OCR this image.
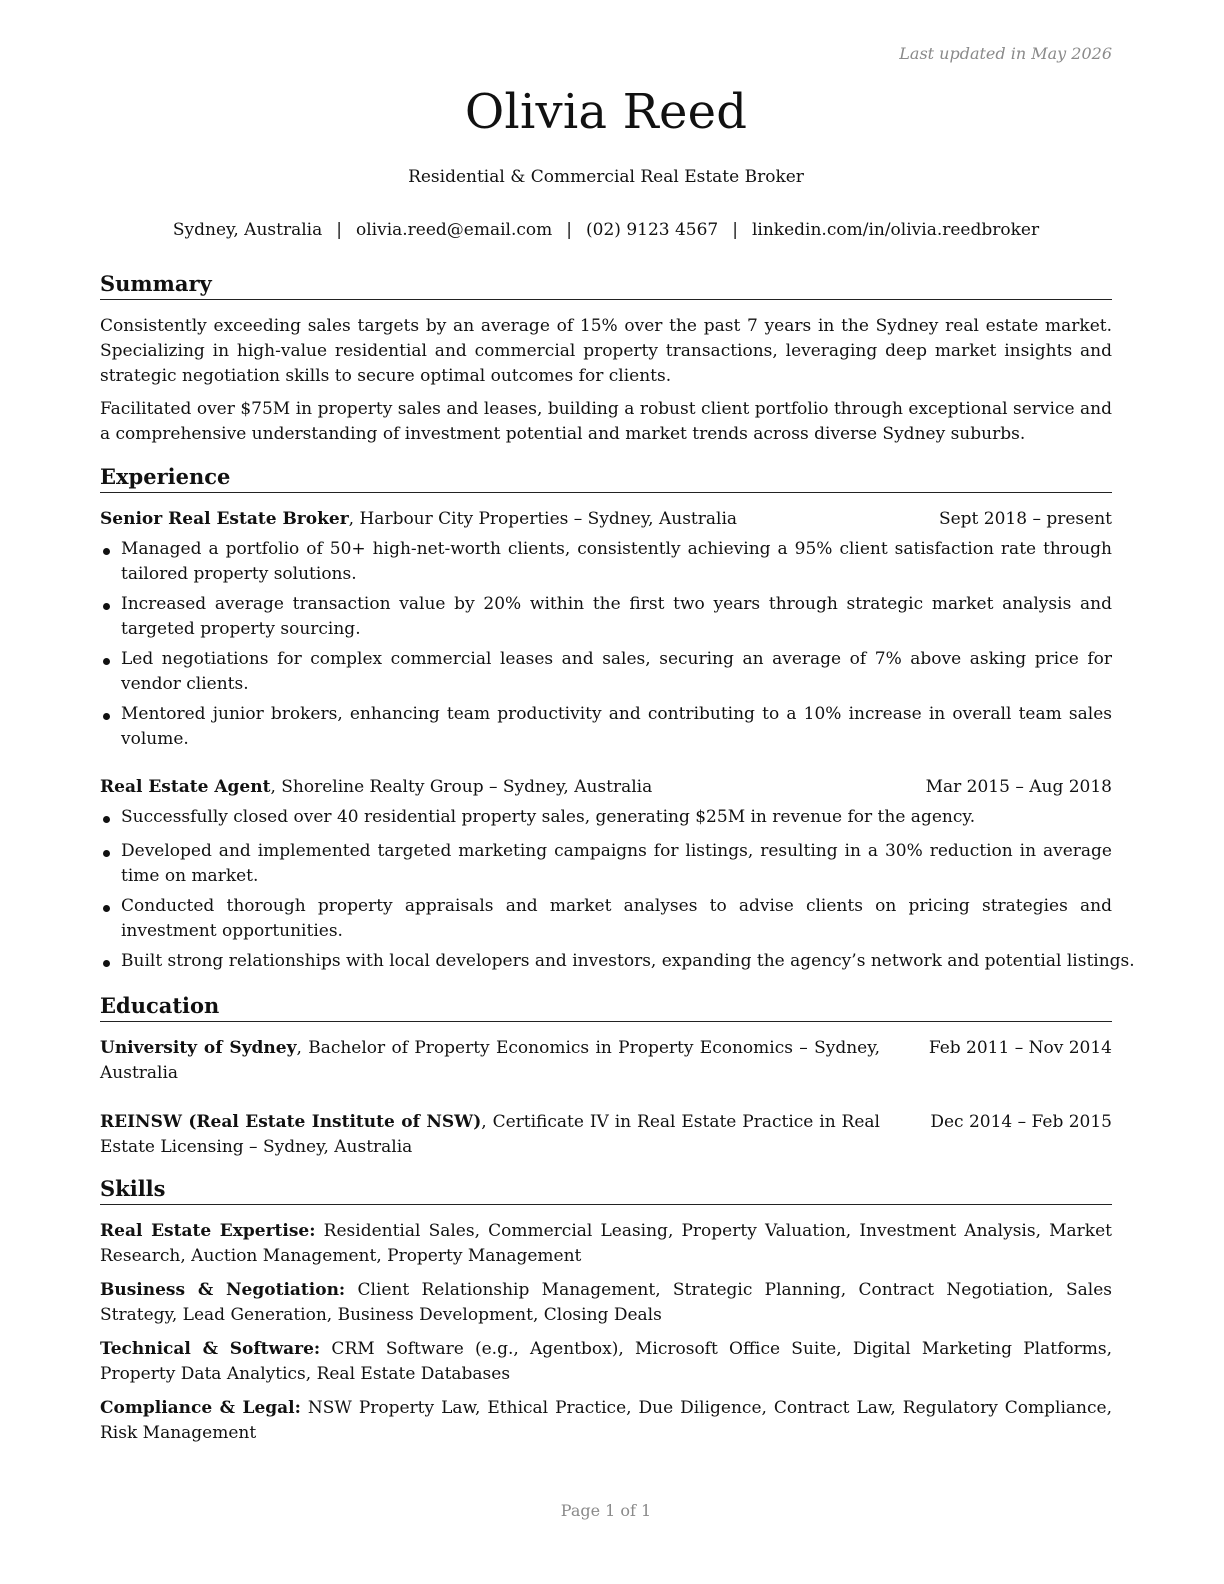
Last updated in May 2026
Olivia Reed
Residential & Commercial Real Estate Broker
Sydney, Australia | olivia.reed@email.com | (02) 9123 4567 | linkedin.com/in/olivia.reedbroker
Summary

Consistently exceeding sales targets by an average of 15% over the past 7 years in the Sydney real estate market. Specializing in high-value residential and commercial property transactions, leveraging deep market insights and strategic negotiation skills to secure optimal outcomes for clients.

Facilitated over $75M in property sales and leases, building a robust client portfolio through exceptional service and a comprehensive understanding of investment potential and market trends across diverse Sydney suburbs.

Experience
Senior Real Estate Broker, Harbour City Properties – Sydney, Australia	Sept 2018 – present
Managed a portfolio of 50+ high-net-worth clients, consistently achieving a 95% client satisfaction rate through tailored property solutions.
Increased average transaction value by 20% within the first two years through strategic market analysis and targeted property sourcing.
Led negotiations for complex commercial leases and sales, securing an average of 7% above asking price for vendor clients.
Mentored junior brokers, enhancing team productivity and contributing to a 10% increase in overall team sales volume.
Real Estate Agent, Shoreline Realty Group – Sydney, Australia	Mar 2015 – Aug 2018
Successfully closed over 40 residential property sales, generating $25M in revenue for the agency.
Developed and implemented targeted marketing campaigns for listings, resulting in a 30% reduction in average time on market.
Conducted thorough property appraisals and market analyses to advise clients on pricing strategies and investment opportunities.
Built strong relationships with local developers and investors, expanding the agency’s network and potential listings.
Education
University of Sydney, Bachelor of Property Economics in Property Economics – Sydney, Australia
Feb 2011 – Nov 2014
REINSW (Real Estate Institute of NSW), Certificate IV in Real Estate Practice in Real Estate Licensing – Sydney, Australia
Dec 2014 – Feb 2015
Skills

Real Estate Expertise: Residential Sales, Commercial Leasing, Property Valuation, Investment Analysis, Market Research, Auction Management, Property Management

Business & Negotiation: Client Relationship Management, Strategic Planning, Contract Negotiation, Sales Strategy, Lead Generation, Business Development, Closing Deals

Technical & Software: CRM Software (e.g., Agentbox), Microsoft Office Suite, Digital Marketing Platforms, Property Data Analytics, Real Estate Databases

Compliance & Legal: NSW Property Law, Ethical Practice, Due Diligence, Contract Law, Regulatory Compliance, Risk Management

Page 1 of 1
